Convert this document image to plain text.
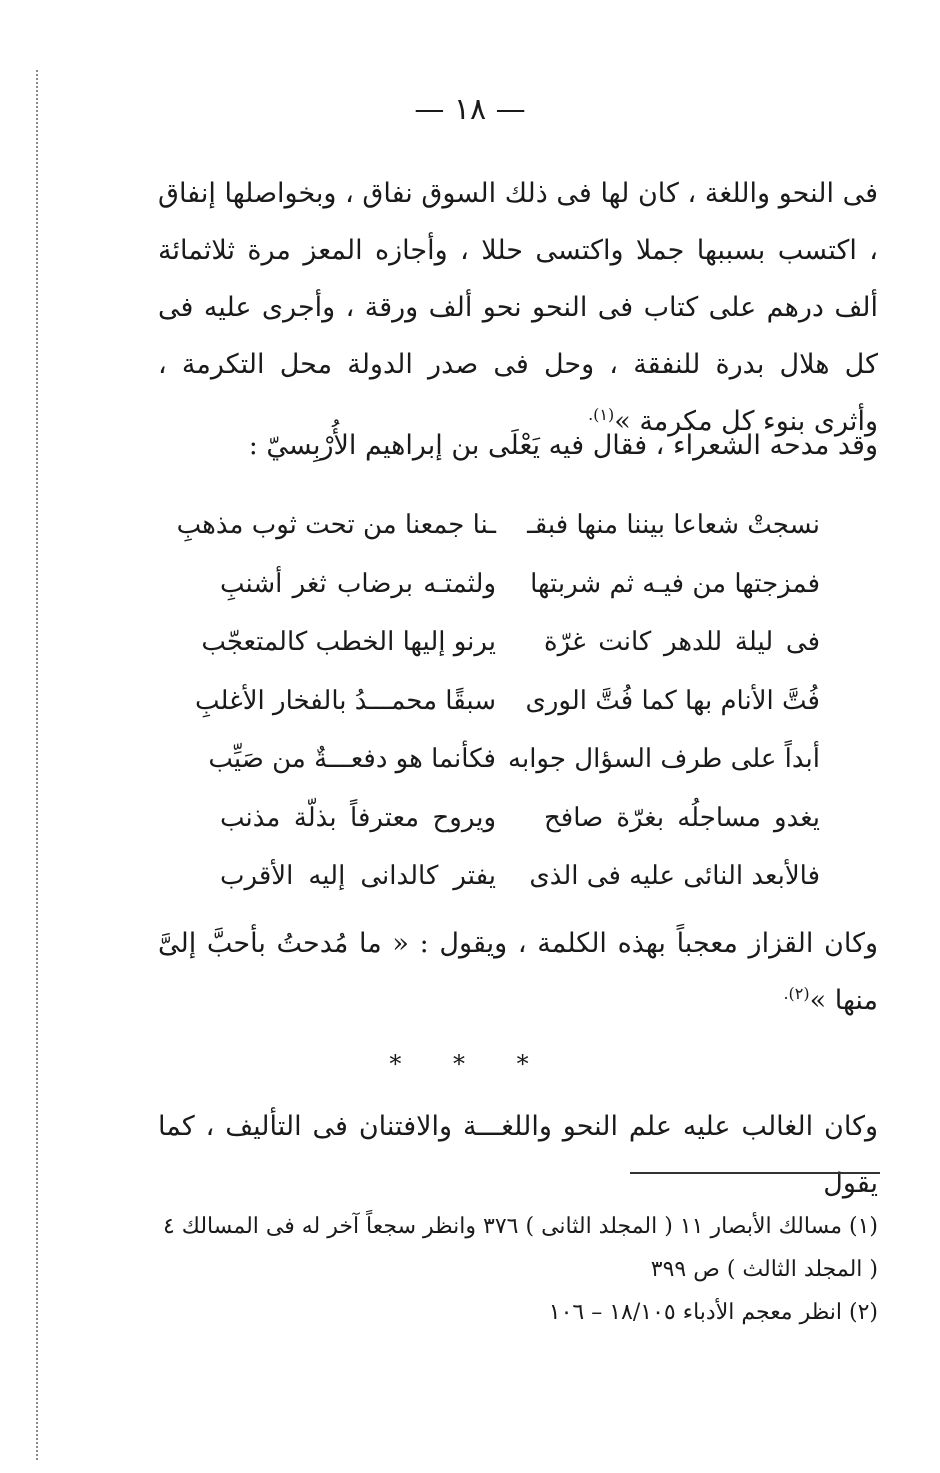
— ١٨ —
فى النحو واللغة ، كان لها فى ذلك السوق نفاق ، وبخواصلها إنفاق ، اكتسب بسببها جملا واكتسى حللا ، وأجازه المعز مرة ثلاثمائة ألف درهم على كتاب فى النحو نحو ألف ورقة ، وأجرى عليه فى كل هلال بدرة للنفقة ، وحل فى صدر الدولة محل التكرمة ، وأثرى بنوء كل مكرمة »$^{(١).}$
وقد مدحه الشعراء ، فقال فيه يَعْلَى بن إبراهيم الأُرْبِسيّ :
نسجتْ شعاعا بيننا منها فبقـ
ـنا جمعنا من تحت ثوب مذهبِ
فمزجتها من فيـه ثم شربتها
ولثمتـه برضاب ثغر أشنبِ
فى ليلة للدهر كانت غرّة
يرنو إليها الخطب كالمتعجّب
فُتَّ الأنام بها كما فُتَّ الورى
سبقًا محمـــدُ بالفخار الأغلبِ
أبداً على طرف السؤال جوابه
فكأنما هو دفعـــةٌ من صَيِّب
يغدو مساجلُه بغرّة صافح
ويروح معترفاً بذلّة مذنب
فالأبعد النائى عليه فى الذى
يفتر كالدانى إليه الأقرب
وكان القزاز معجباً بهذه الكلمة ، ويقول : « ما مُدحتُ بأحبَّ إلىَّ منها »$^{(٢).}$
* * *
وكان الغالب عليه علم النحو واللغـــة والافتنان فى التأليف ، كما يقول

(١) مسالك الأبصار ١١ ( المجلد الثانى ) ٣٧٦ وانظر سجعاً آخر له فى المسالك ٤ ( المجلد الثالث ) ص ٣٩٩

(٢) انظر معجم الأدباء ١٨/١٠٥ – ١٠٦
